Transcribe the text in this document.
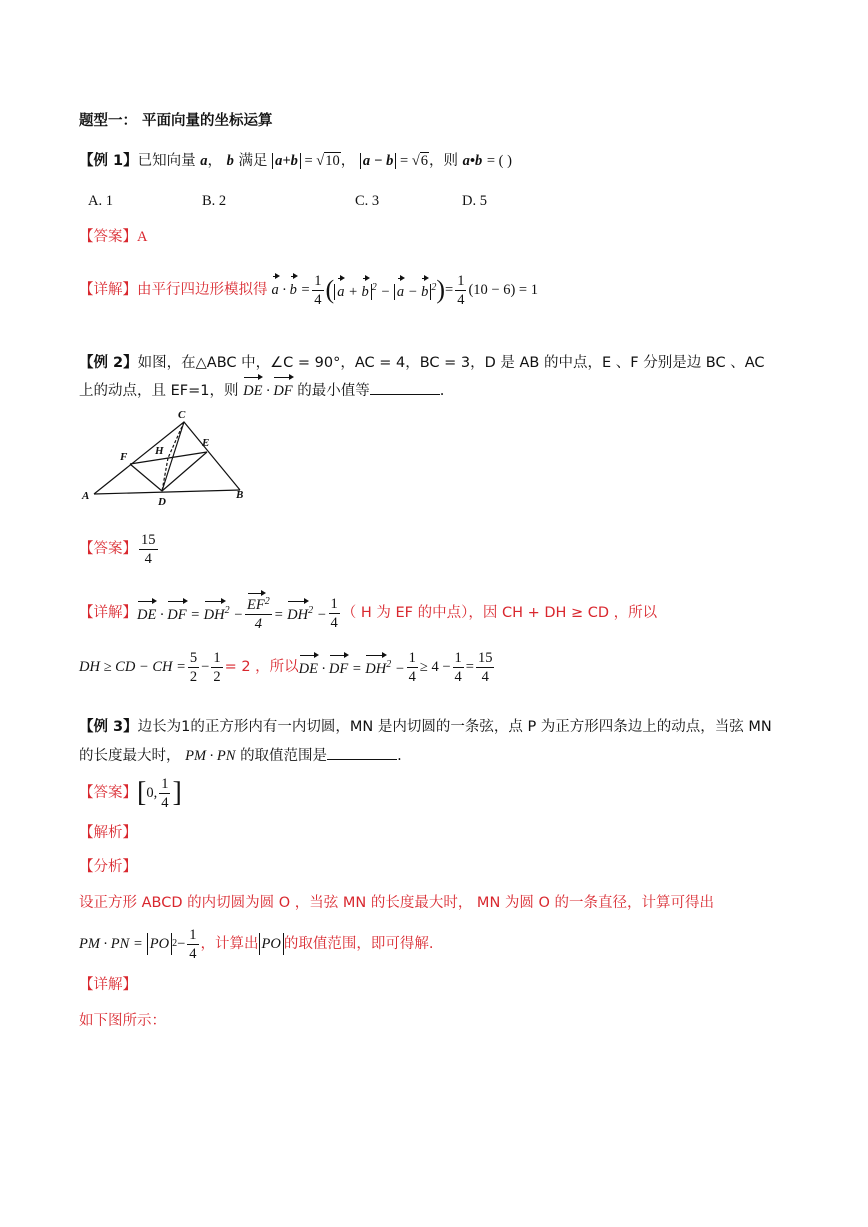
题型一： 平面向量的坐标运算
【例 1】已知向量 a， b 满足 a+b = √10， a − b = √6，则 a•b = ( )
A. 1	B. 2	C. 3	D. 5
【答案】A
【详解】 由平行四边形模拟得 $a \cdot b = \frac{1}{4}$ ( a + b $^2$ − a − b $^2$ ) = $\frac{1}{4} (10 - 6) = 1$
【例 2】如图，在△ABC 中，∠C = 90°，AC = 4，BC = 3，D 是 AB 的中点，E 、F 分别是边 BC 、AC
上的动点，且 EF=1，则 DE · DF 的最小值等	.
A	B
C
D
E
F	H
【答案】 $\frac{15}{4}$
【详解】 DE · DF = $DH^2 - \frac{EF^2}{4} = DH^2 - \frac{1}{4}$ （ H 为 EF 的中点），因 CH + DH ≥ CD ，所以
DH ≥ CD − CH = $\frac{5}{2} - \frac{1}{2} = 2$ ，所以 DE · DF = $DH^2 - \frac{1}{4} \ge 4 - \frac{1}{4} = \frac{15}{4}$
【例 3】边长为1的正方形内有一内切圆，MN 是内切圆的一条弦，点 P 为正方形四条边上的动点，当弦 MN
的长度最大时， PM · PN 的取值范围是	.
【答案】 [ 0, $\frac{1}{4}$ ]
【解析】
【分析】
设正方形 ABCD 的内切圆为圆 O ，当弦 MN 的长度最大时， MN 为圆 O 的一条直径，计算可得出
PM · PN = PO $2 - \frac{1}{4}$ ，计算出 PO 的取值范围，即可得解.
【详解】
如下图所示：
